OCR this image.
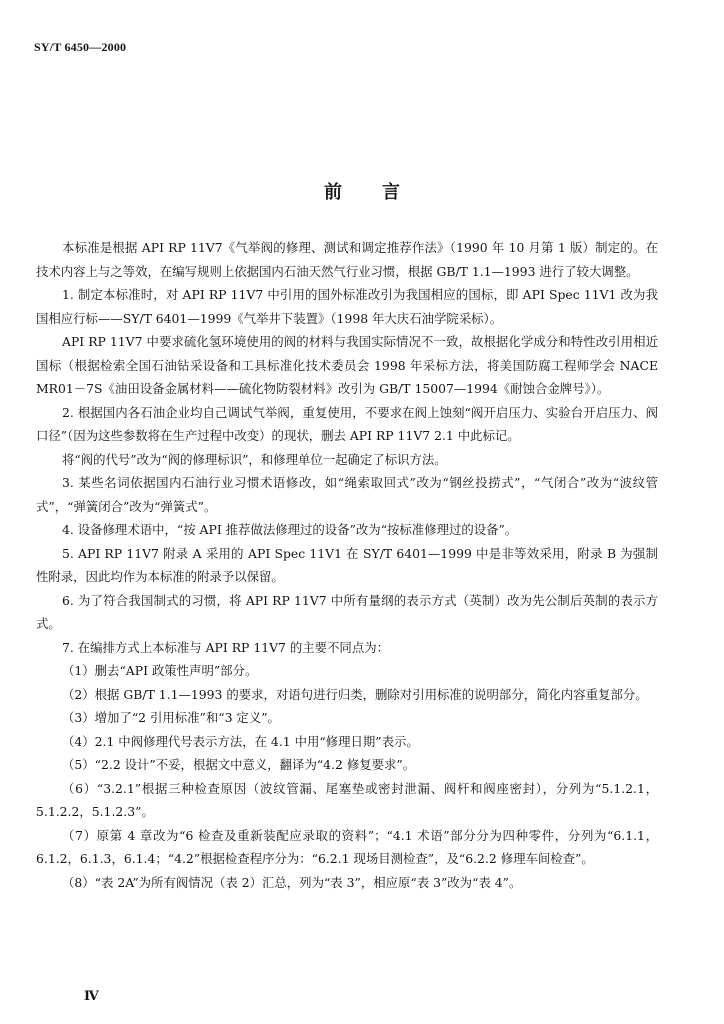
SY/T 6450—2000
前 言

本标准是根据 API RP 11V7《气举阀的修理、测试和调定推荐作法》（1990 年 10 月第 1 版）制定的。在技术内容上与之等效，在编写规则上依据国内石油天然气行业习惯，根据 GB/T 1.1—1993 进行了较大调整。

1. 制定本标准时，对 API RP 11V7 中引用的国外标准改引为我国相应的国标，即 API Spec 11V1 改为我国相应行标——SY/T 6401—1999《气举井下装置》（1998 年大庆石油学院采标）。

API RP 11V7 中要求硫化氢环境使用的阀的材料与我国实际情况不一致，故根据化学成分和特性改引用相近国标（根据检索全国石油钻采设备和工具标准化技术委员会 1998 年采标方法，将美国防腐工程师学会 NACE MR01－7S《油田设备金属材料——硫化物防裂材料》改引为 GB/T 15007—1994《耐蚀合金牌号》）。

2. 根据国内各石油企业均自己调试气举阀，重复使用，不要求在阀上蚀刻“阀开启压力、实验台开启压力、阀口径”（因为这些参数将在生产过程中改变）的现状，删去 API RP 11V7 2.1 中此标记。

将“阀的代号”改为“阀的修理标识”，和修理单位一起确定了标识方法。

3. 某些名词依据国内石油行业习惯术语修改，如“绳索取回式”改为“钢丝投捞式”，“气闭合”改为“波纹管式”，“弹簧闭合”改为“弹簧式”。

4. 设备修理术语中，“按 API 推荐做法修理过的设备”改为“按标准修理过的设备”。

5. API RP 11V7 附录 A 采用的 API Spec 11V1 在 SY/T 6401—1999 中是非等效采用，附录 B 为强制性附录，因此均作为本标准的附录予以保留。

6. 为了符合我国制式的习惯，将 API RP 11V7 中所有量纲的表示方式（英制）改为先公制后英制的表示方式。

7. 在编排方式上本标准与 API RP 11V7 的主要不同点为：

（1）删去“API 政策性声明”部分。

（2）根据 GB/T 1.1—1993 的要求，对语句进行归类，删除对引用标准的说明部分，简化内容重复部分。

（3）增加了“2 引用标准”和“3 定义”。

（4）2.1 中阀修理代号表示方法，在 4.1 中用“修理日期”表示。

（5）“2.2 设计”不妥，根据文中意义，翻译为“4.2 修复要求”。

（6）“3.2.1”根据三种检查原因（波纹管漏、尾塞垫或密封泄漏、阀杆和阀座密封），分列为“5.1.2.1，5.1.2.2，5.1.2.3”。

（7）原第 4 章改为“6 检查及重新装配应录取的资料”；“4.1 术语”部分分为四种零件，分列为“6.1.1，6.1.2，6.1.3，6.1.4；“4.2”根据检查程序分为：“6.2.1 现场目测检查”，及“6.2.2 修理车间检查”。

（8）“表 2A”为所有阀情况（表 2）汇总，列为“表 3”，相应原“表 3”改为“表 4”。

Ⅳ
